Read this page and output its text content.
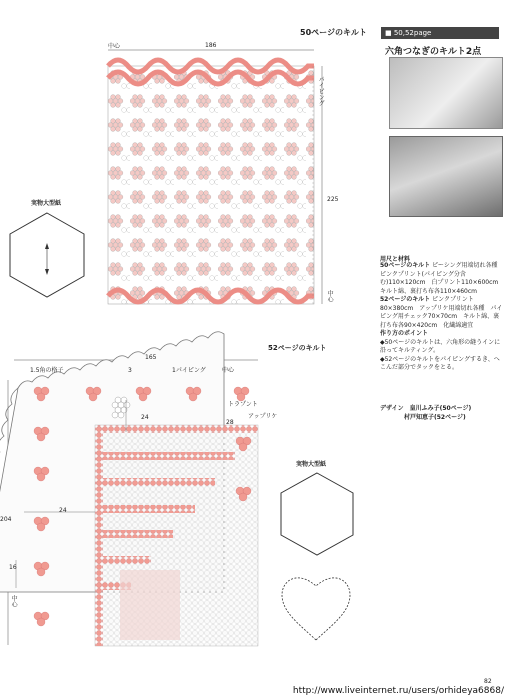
50ページのキルト	■ 50,52page
六角つなぎのキルト2点
186
中心
パイピング
225
中心
実物大型紙
52ページのキルト
165
1.5角の格子	3	1パイピング	中心
トラプント
24	アップリケ
28
24
204
16
中心
実物大型紙
用尺と材料

50ページのキルト ピーシング用端切れ各種　ピンクプリント(パイピング分含む)110×120cm　白プリント110×600cm　キルト綿、裏打ち布各110×460cm

52ページのキルト ピンクプリント80×380cm　アップリケ用端切れ各種　パイピング用チェック70×70cm　キルト綿、裏打ち布各90×420cm　化繊綿適宜

作り方のポイント

◆50ページのキルトは、六角形の縫うインに沿ってキルティング。

◆52ページのキルトをパイピングするき、へこんだ部分でタックをとる。

デザイン　皇川ふみ子(50ページ)
村戸知恵子(52ページ)
82
http://www.liveinternet.ru/users/orhideya6868/
